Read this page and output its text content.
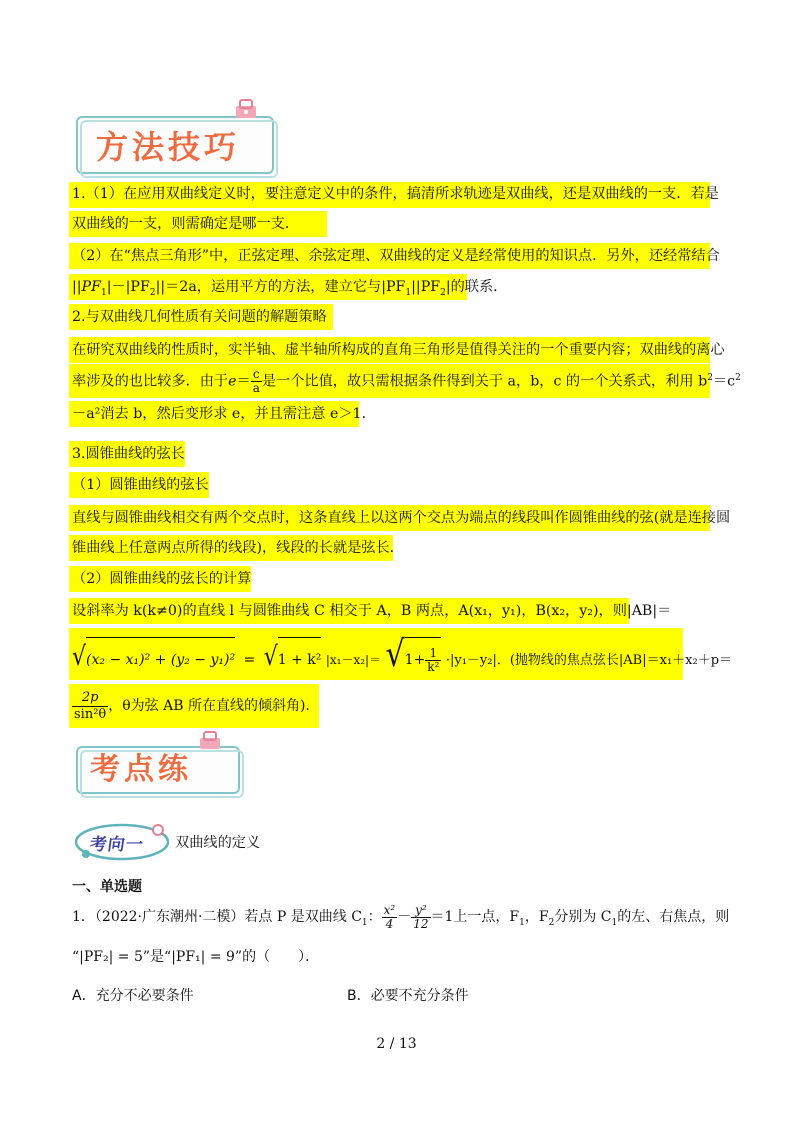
方法技巧
1.（1）在应用双曲线定义时，要注意定义中的条件，搞清所求轨迹是双曲线，还是双曲线的一支．若是
双曲线的一支，则需确定是哪一支．
（2）在“焦点三角形”中，正弦定理、余弦定理、双曲线的定义是经常使用的知识点．另外，还经常结合
$||PF_1|-|PF_2||=2a$，运用平方的方法，建立它与$|PF_1||PF_2|$的联系．
2.与双曲线几何性质有关问题的解题策略
在研究双曲线的性质时，实半轴、虚半轴所构成的直角三角形是值得关注的一个重要内容；双曲线的离心
率涉及的也比较多．由于$e= \frac{c}{a}$ 是一个比值，故只需根据条件得到关于 a，b，c 的一个关系式，利用 $b^2=c^2$
－a²消去 b，然后变形求 e，并且需注意 e＞1．
3.圆锥曲线的弦长
（1）圆锥曲线的弦长
直线与圆锥曲线相交有两个交点时，这条直线上以这两个交点为端点的线段叫作圆锥曲线的弦(就是连接圆
锥曲线上任意两点所得的线段)，线段的长就是弦长．
（2）圆锥曲线的弦长的计算
设斜率为 k(k≠0)的直线 l 与圆锥曲线 C 相交于 A，B 两点，A(x₁，y₁)，B(x₂，y₂)，则|AB|＝
√(x₂ − x₁)² + (y₂ − y₁)² = √1 + k² $|x_1-x_2|= √1+ \frac{1}{\text{k²}} \cdot|y_1-y_2|$．(抛物线的焦点弦长|AB|＝x₁＋x₂＋p＝
$\frac{2p}{\text{sin²θ}}$ ，θ为弦 AB 所在直线的倾斜角)．
考点练
考向一 双曲线的定义
一、单选题
1．（2022·广东潮州·二模）若点 P 是双曲线 $C_1$： $\frac{\text{x²}}{4} - \frac{\text{y²}}{12} =1$上一点，$F_1$，$F_2$分别为 $C_1$的左、右焦点，则
“|PF₂| = 5”是“|PF₁| = 9”的（　　）．
A．充分不必要条件	B．必要不充分条件
2 / 13
